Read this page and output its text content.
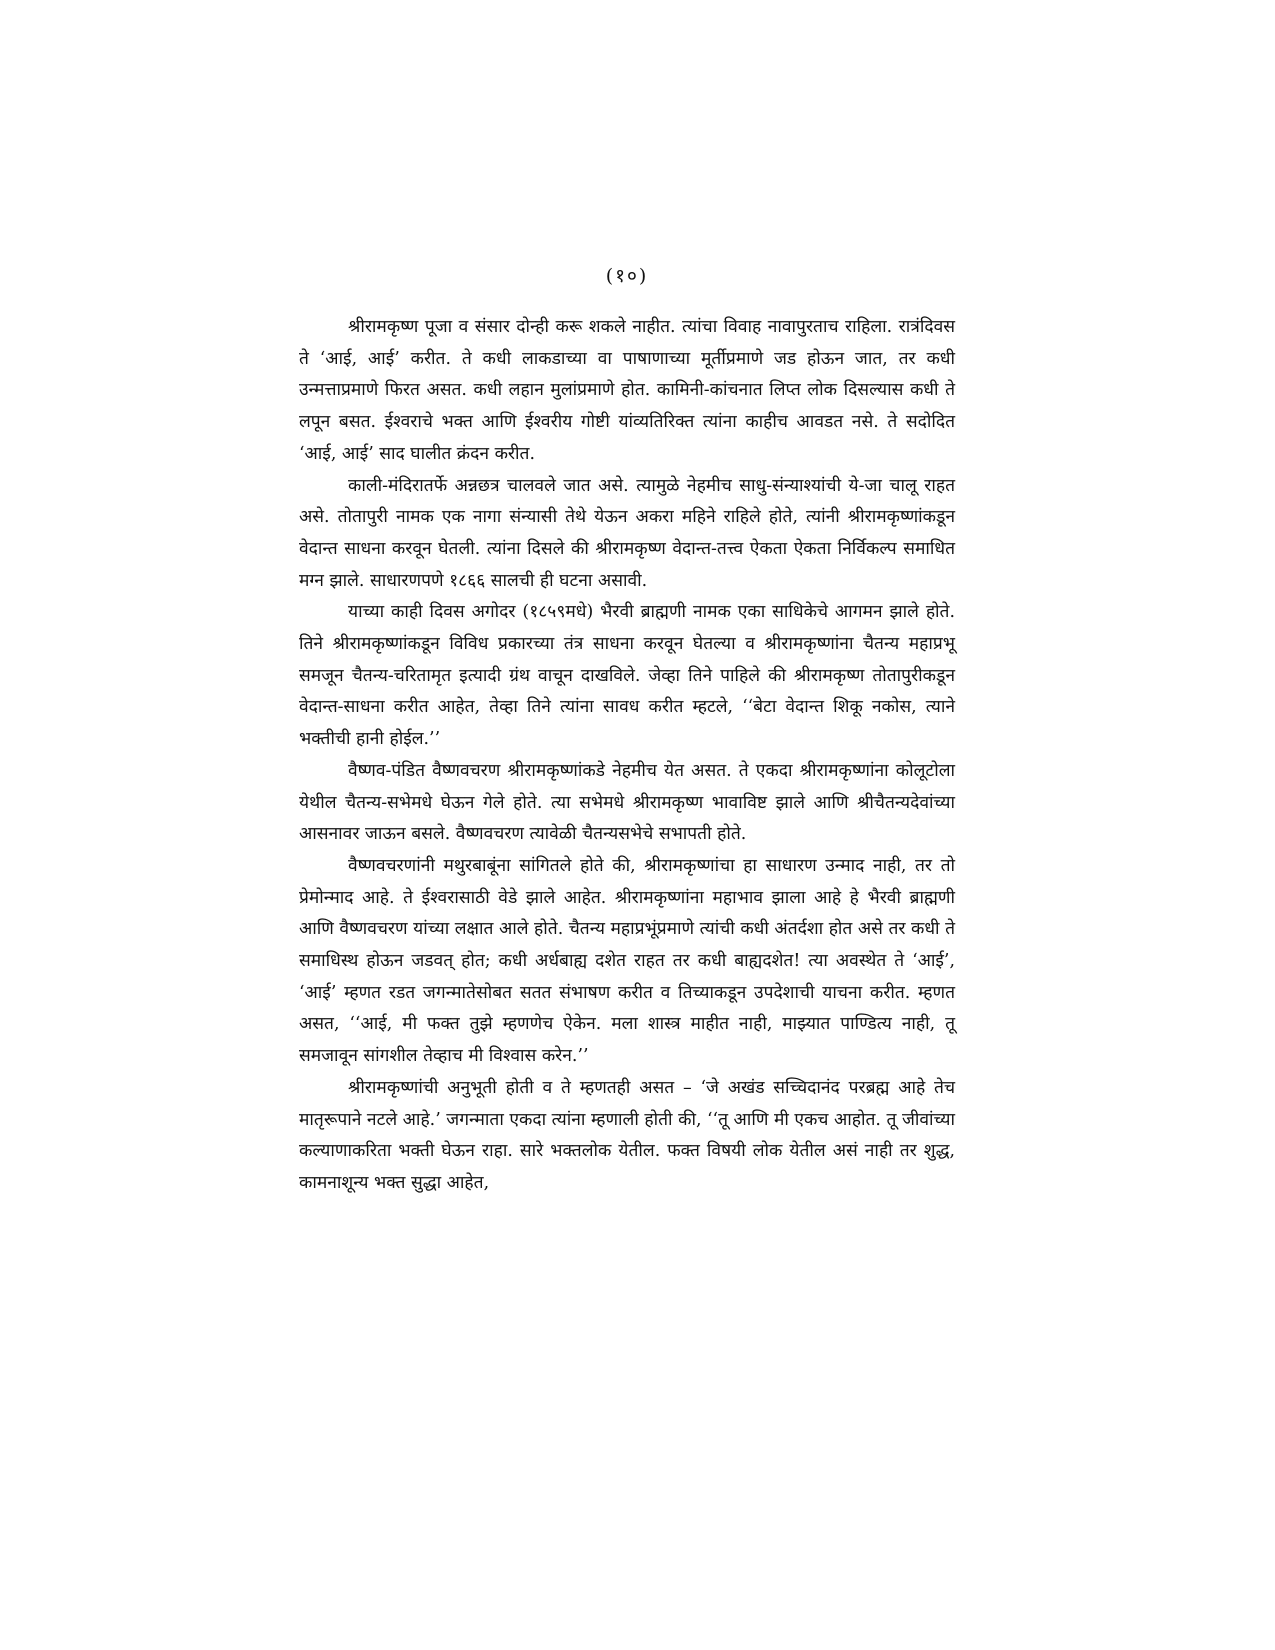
(१०)

श्रीरामकृष्ण पूजा व संसार दोन्ही करू शकले नाहीत. त्यांचा विवाह नावापुरताच राहिला. रात्रंदिवस ते ‘आई, आई’ करीत. ते कधी लाकडाच्या वा पाषाणाच्या मूर्तीप्रमाणे जड होऊन जात, तर कधी उन्मत्ताप्रमाणे फिरत असत. कधी लहान मुलांप्रमाणे होत. कामिनी-कांचनात लिप्त लोक दिसल्यास कधी ते लपून बसत. ईश्वराचे भक्त आणि ईश्वरीय गोष्टी यांव्यतिरिक्त त्यांना काहीच आवडत नसे. ते सदोदित ‘आई, आई’ साद घालीत क्रंदन करीत.

काली-मंदिरातर्फे अन्नछत्र चालवले जात असे. त्यामुळे नेहमीच साधु-संन्याश्यांची ये-जा चालू राहत असे. तोतापुरी नामक एक नागा संन्यासी तेथे येऊन अकरा महिने राहिले होते, त्यांनी श्रीरामकृष्णांकडून वेदान्त साधना करवून घेतली. त्यांना दिसले की श्रीरामकृष्ण वेदान्त-तत्त्व ऐकता ऐकता निर्विकल्प समाधित मग्न झाले. साधारणपणे १८६६ सालची ही घटना असावी.

याच्या काही दिवस अगोदर (१८५९मधे) भैरवी ब्राह्मणी नामक एका साधिकेचे आगमन झाले होते. तिने श्रीरामकृष्णांकडून विविध प्रकारच्या तंत्र साधना करवून घेतल्या व श्रीरामकृष्णांना चैतन्य महाप्रभू समजून चैतन्य-चरितामृत इत्यादी ग्रंथ वाचून दाखविले. जेव्हा तिने पाहिले की श्रीरामकृष्ण तोतापुरीकडून वेदान्त-साधना करीत आहेत, तेव्हा तिने त्यांना सावध करीत म्हटले, ‘‘बेटा वेदान्त शिकू नकोस, त्याने भक्तीची हानी होईल.’’

वैष्णव-पंडित वैष्णवचरण श्रीरामकृष्णांकडे नेहमीच येत असत. ते एकदा श्रीरामकृष्णांना कोलूटोला येथील चैतन्य-सभेमधे घेऊन गेले होते. त्या सभेमधे श्रीरामकृष्ण भावाविष्ट झाले आणि श्रीचैतन्यदेवांच्या आसनावर जाऊन बसले. वैष्णवचरण त्यावेळी चैतन्यसभेचे सभापती होते.

वैष्णवचरणांनी मथुरबाबूंना सांगितले होते की, श्रीरामकृष्णांचा हा साधारण उन्माद नाही, तर तो प्रेमोन्माद आहे. ते ईश्वरासाठी वेडे झाले आहेत. श्रीरामकृष्णांना महाभाव झाला आहे हे भैरवी ब्राह्मणी आणि वैष्णवचरण यांच्या लक्षात आले होते. चैतन्य महाप्रभूंप्रमाणे त्यांची कधी अंतर्दशा होत असे तर कधी ते समाधिस्थ होऊन जडवत् होत; कधी अर्धबाह्य दशेत राहत तर कधी बाह्यदशेत! त्या अवस्थेत ते ‘आई’, ‘आई’ म्हणत रडत जगन्मातेसोबत सतत संभाषण करीत व तिच्याकडून उपदेशाची याचना करीत. म्हणत असत, ‘‘आई, मी फक्त तुझे म्हणणेच ऐकेन. मला शास्त्र माहीत नाही, माझ्यात पाण्डित्य नाही, तू समजावून सांगशील तेव्हाच मी विश्वास करेन.’’

श्रीरामकृष्णांची अनुभूती होती व ते म्हणतही असत – ‘जे अखंड सच्चिदानंद परब्रह्म आहे तेच मातृरूपाने नटले आहे.’ जगन्माता एकदा त्यांना म्हणाली होती की, ‘‘तू आणि मी एकच आहोत. तू जीवांच्या कल्याणाकरिता भक्ती घेऊन राहा. सारे भक्तलोक येतील. फक्त विषयी लोक येतील असं नाही तर शुद्ध, कामनाशून्य भक्त सुद्धा आहेत,
